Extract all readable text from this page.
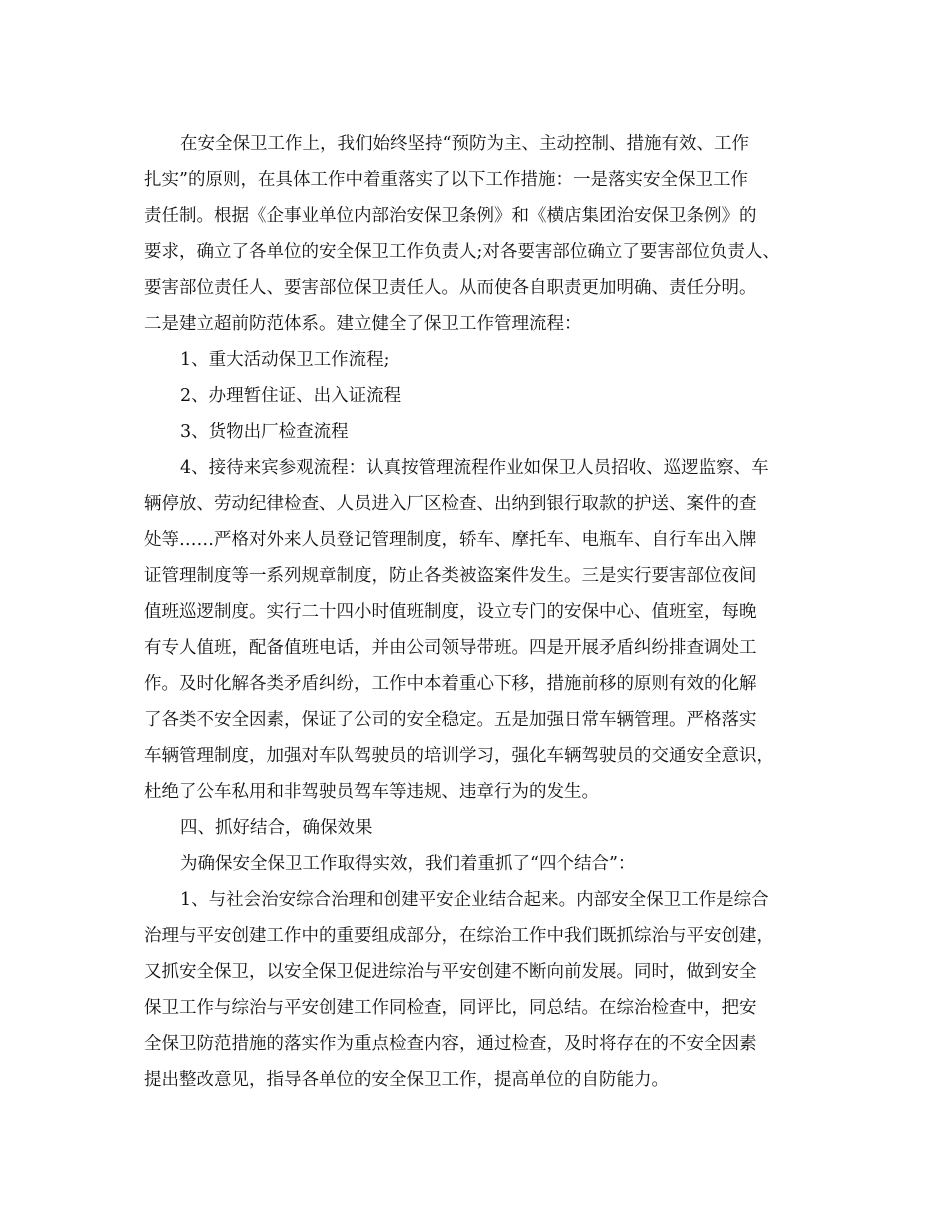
在安全保卫工作上，我们始终坚持“预防为主、主动控制、措施有效、工作
扎实”的原则，在具体工作中着重落实了以下工作措施：一是落实安全保卫工作
责任制。根据《企事业单位内部治安保卫条例》和《横店集团治安保卫条例》的
要求，确立了各单位的安全保卫工作负责人;对各要害部位确立了要害部位负责人、
要害部位责任人、要害部位保卫责任人。从而使各自职责更加明确、责任分明。
二是建立超前防范体系。建立健全了保卫工作管理流程：
1、重大活动保卫工作流程;
2、办理暂住证、出入证流程
3、货物出厂检查流程
4、接待来宾参观流程：认真按管理流程作业如保卫人员招收、巡逻监察、车
辆停放、劳动纪律检查、人员进入厂区检查、出纳到银行取款的护送、案件的查
处等……严格对外来人员登记管理制度，轿车、摩托车、电瓶车、自行车出入牌
证管理制度等一系列规章制度，防止各类被盗案件发生。三是实行要害部位夜间
值班巡逻制度。实行二十四小时值班制度，设立专门的安保中心、值班室，每晚
有专人值班，配备值班电话，并由公司领导带班。四是开展矛盾纠纷排查调处工
作。及时化解各类矛盾纠纷，工作中本着重心下移，措施前移的原则有效的化解
了各类不安全因素，保证了公司的安全稳定。五是加强日常车辆管理。严格落实
车辆管理制度，加强对车队驾驶员的培训学习，强化车辆驾驶员的交通安全意识，
杜绝了公车私用和非驾驶员驾车等违规、违章行为的发生。
四、抓好结合，确保效果
为确保安全保卫工作取得实效，我们着重抓了“四个结合”：
1、与社会治安综合治理和创建平安企业结合起来。内部安全保卫工作是综合
治理与平安创建工作中的重要组成部分，在综治工作中我们既抓综治与平安创建，
又抓安全保卫，以安全保卫促进综治与平安创建不断向前发展。同时，做到安全
保卫工作与综治与平安创建工作同检查，同评比，同总结。在综治检查中，把安
全保卫防范措施的落实作为重点检查内容，通过检查，及时将存在的不安全因素
提出整改意见，指导各单位的安全保卫工作，提高单位的自防能力。
